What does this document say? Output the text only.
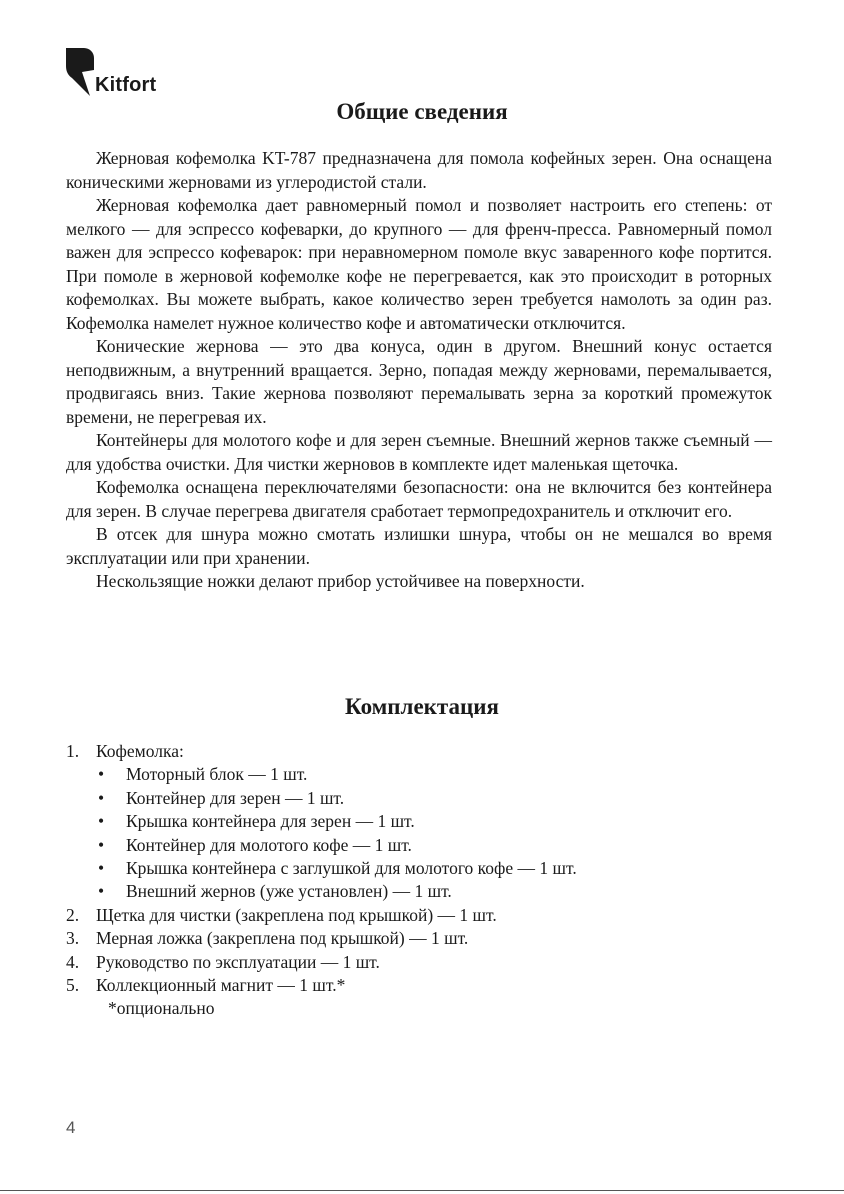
Kitfort
Общие сведения

Жерновая кофемолка KT-787 предназначена для помола кофейных зерен. Она оснащена коническими жерновами из углеродистой стали.

Жерновая кофемолка дает равномерный помол и позволяет настроить его степень: от мелкого — для эспрессо кофеварки, до крупного — для френч-пресса. Равномерный помол важен для эспрессо кофеварок: при неравномерном помоле вкус заваренного кофе портится. При помоле в жерновой кофемолке кофе не перегревается, как это происходит в роторных кофемолках. Вы можете выбрать, какое количество зерен требуется намолоть за один раз. Кофемолка намелет нужное количество кофе и автоматически отключится.

Конические жернова — это два конуса, один в другом. Внешний конус остается неподвижным, а внутренний вращается. Зерно, попадая между жерновами, перемалывается, продвигаясь вниз. Такие жернова позволяют перемалывать зерна за короткий промежуток времени, не перегревая их.

Контейнеры для молотого кофе и для зерен съемные. Внешний жернов также съемный — для удобства очистки. Для чистки жерновов в комплекте идет маленькая щеточка.

Кофемолка оснащена переключателями безопасности: она не включится без контейнера для зерен. В случае перегрева двигателя сработает термопредохранитель и отключит его.

В отсек для шнура можно смотать излишки шнура, чтобы он не мешался во время эксплуатации или при хранении.

Нескользящие ножки делают прибор устойчивее на поверхности.

Комплектация
1. Кофемолка:
•	Моторный блок — 1 шт.
•	Контейнер для зерен — 1 шт.
•	Крышка контейнера для зерен — 1 шт.
•	Контейнер для молотого кофе — 1 шт.
•	Крышка контейнера с заглушкой для молотого кофе — 1 шт.
•	Внешний жернов (уже установлен) — 1 шт.
2. Щетка для чистки (закреплена под крышкой) — 1 шт.
3. Мерная ложка (закреплена под крышкой) — 1 шт.
4. Руководство по эксплуатации — 1 шт.
5. Коллекционный магнит — 1 шт.*
*опционально
4
